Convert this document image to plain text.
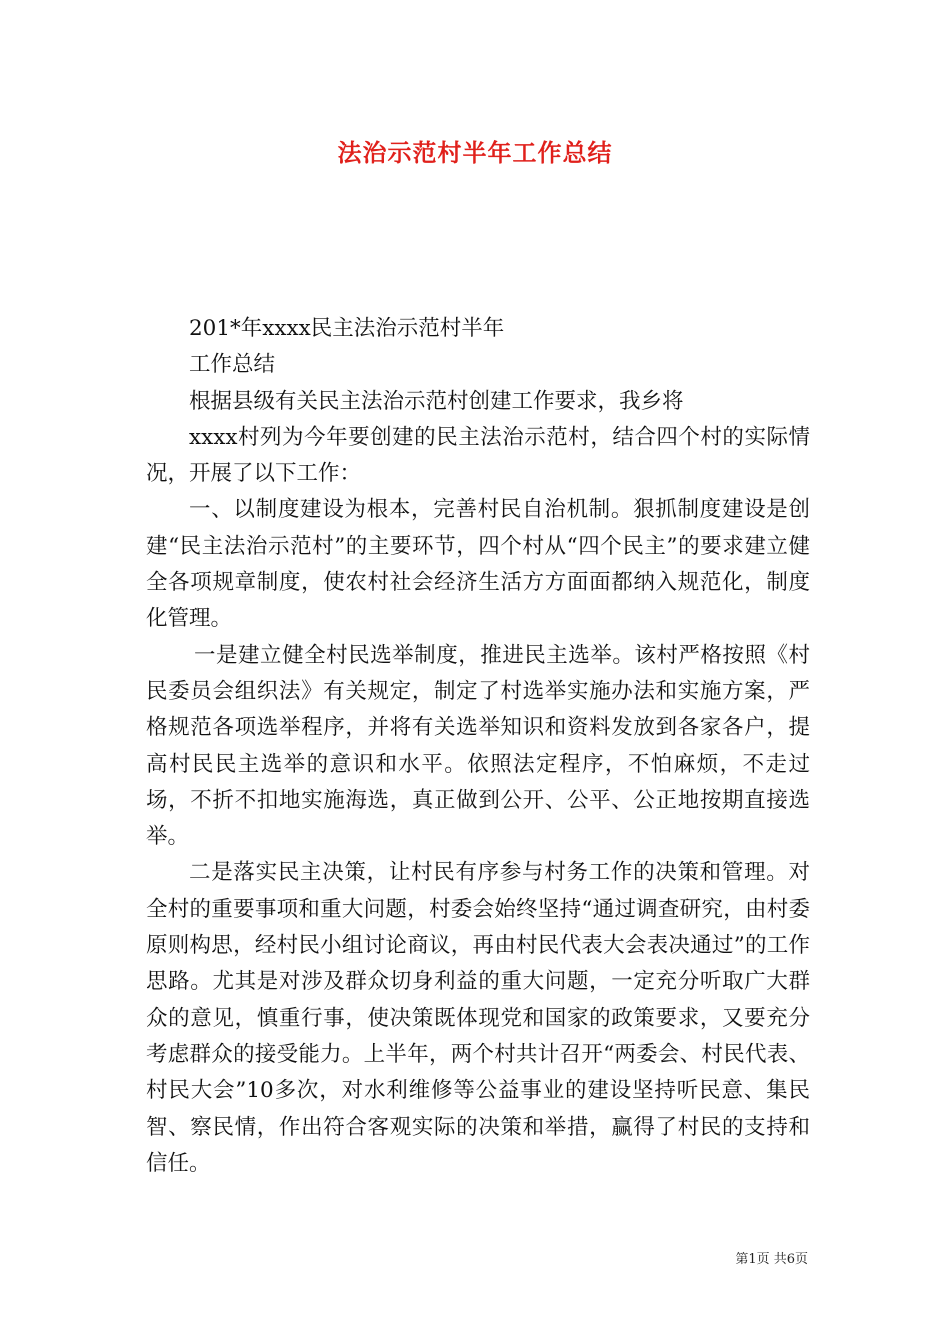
法治示范村半年工作总结

201*年xxxx民主法治示范村半年

工作总结

根据县级有关民主法治示范村创建工作要求，我乡将

xxxx村列为今年要创建的民主法治示范村，结合四个村的实际情况，开展了以下工作：

一、以制度建设为根本，完善村民自治机制。狠抓制度建设是创建“民主法治示范村”的主要环节，四个村从“四个民主”的要求建立健全各项规章制度，使农村社会经济生活方方面面都纳入规范化，制度化管理。

一是建立健全村民选举制度，推进民主选举。该村严格按照《村民委员会组织法》有关规定，制定了村选举实施办法和实施方案，严格规范各项选举程序，并将有关选举知识和资料发放到各家各户，提高村民民主选举的意识和水平。依照法定程序，不怕麻烦，不走过场，不折不扣地实施海选，真正做到公开、公平、公正地按期直接选举。

二是落实民主决策，让村民有序参与村务工作的决策和管理。对全村的重要事项和重大问题，村委会始终坚持“通过调查研究，由村委原则构思，经村民小组讨论商议，再由村民代表大会表决通过”的工作思路。尤其是对涉及群众切身利益的重大问题，一定充分听取广大群众的意见，慎重行事，使决策既体现党和国家的政策要求，又要充分考虑群众的接受能力。上半年，两个村共计召开“两委会、村民代表、村民大会”10多次，对水利维修等公益事业的建设坚持听民意、集民智、察民情，作出符合客观实际的决策和举措，赢得了村民的支持和信任。

第1页 共6页
